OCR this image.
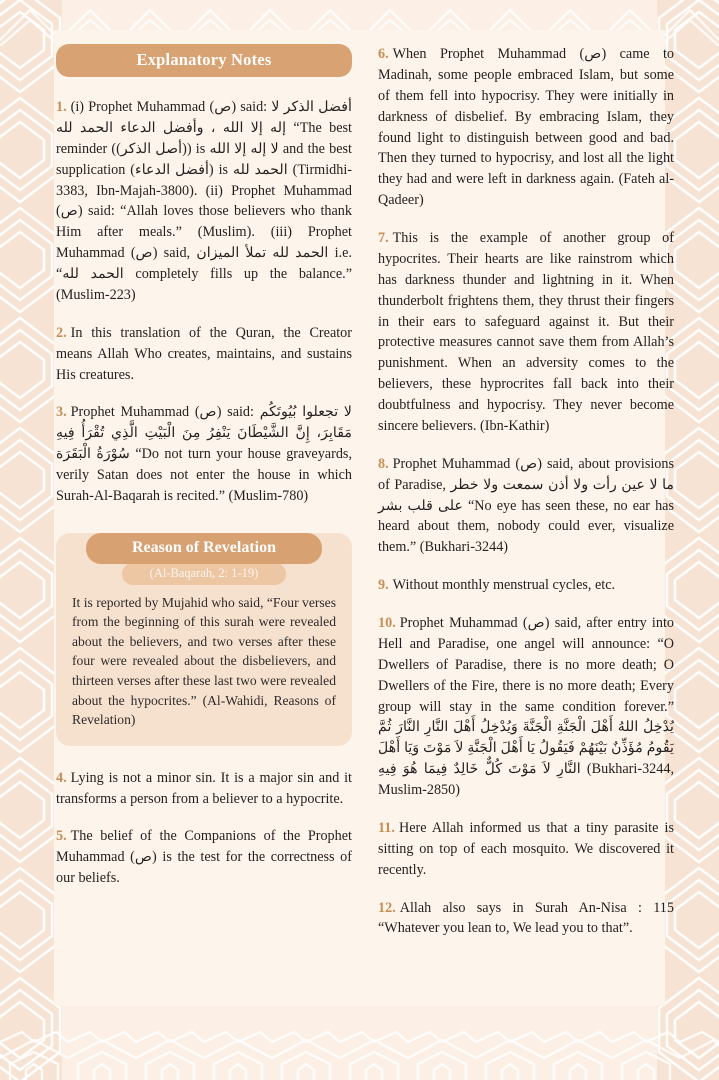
Explanatory Notes
1. (i) Prophet Muhammad (ص) said: أفضل الذكر لا إله إلا الله ، وأفضل الدعاء الحمد لله “The best reminder ((أصل الذكر)) is لا إله إلا الله and the best supplication (أفضل الدعاء) is الحمد لله (Tirmidhi-3383, Ibn-Majah-3800). (ii) Prophet Muhammad (ص) said: “Allah loves those believers who thank Him after meals.” (Muslim). (iii) Prophet Muhammad (ص) said, الحمد لله تملأ الميزان i.e. “الحمد لله completely fills up the balance.” (Muslim-223)
2. In this translation of the Quran, the Creator means Allah Who creates, maintains, and sustains His creatures.
3. Prophet Muhammad (ص) said: لا تجعلوا بُيُوتَكُم مَقَابِرَ، إِنَّ الشَّيْطَانَ يَنْفِرُ مِنَ الْبَيْتِ الَّذِي تُقْرَأُ فِيهِ سُوْرَةُ الْبَقَرَة “Do not turn your house graveyards, verily Satan does not enter the house in which Surah-Al-Baqarah is recited.” (Muslim-780)
Reason of Revelation
(Al-Baqarah, 2: 1-19)
It is reported by Mujahid who said, “Four verses from the beginning of this surah were revealed about the believers, and two verses after these four were revealed about the disbelievers, and thirteen verses after these last two were revealed about the hypocrites.” (Al-Wahidi, Reasons of Revelation)
4. Lying is not a minor sin. It is a major sin and it transforms a person from a believer to a hypocrite.
5. The belief of the Companions of the Prophet Muhammad (ص) is the test for the correctness of our beliefs.
6. When Prophet Muhammad (ص) came to Madinah, some people embraced Islam, but some of them fell into hypocrisy. They were initially in darkness of disbelief. By embracing Islam, they found light to distinguish between good and bad. Then they turned to hypocrisy, and lost all the light they had and were left in darkness again. (Fateh al-Qadeer)
7. This is the example of another group of hypocrites. Their hearts are like rainstrom which has darkness thunder and lightning in it. When thunderbolt frightens them, they thrust their fingers in their ears to safeguard against it. But their protective measures cannot save them from Allah’s punishment. When an adversity comes to the believers, these hyprocrites fall back into their doubtfulness and hypocrisy. They never become sincere believers. (Ibn-Kathir)
8. Prophet Muhammad (ص) said, about provisions of Paradise, ما لا عين رأت ولا أذن سمعت ولا خطر على قلب بشر “No eye has seen these, no ear has heard about them, nobody could ever, visualize them.” (Bukhari-3244)
9. Without monthly menstrual cycles, etc.
10. Prophet Muhammad (ص) said, after entry into Hell and Paradise, one angel will announce: “O Dwellers of Paradise, there is no more death; O Dwellers of the Fire, there is no more death; Every group will stay in the same condition forever.” يُدْخِلُ اللهُ أَهْلَ الْجَنَّةِ الْجَنَّةَ وَيُدْخِلُ أَهْلَ النَّارِ النَّارَ ثُمَّ يَقُومُ مُؤَذِّنٌ بَيْنَهُمْ فَيَقُولُ يَا أَهْلَ الْجَنَّةِ لاَ مَوْتَ وَيَا أَهْلَ النَّارِ لاَ مَوْتَ كُلٌّ خَالِدٌ فِيمَا هُوَ فِيهِ (Bukhari-3244, Muslim-2850)
11. Here Allah informed us that a tiny parasite is sitting on top of each mosquito. We discovered it recently.
12. Allah also says in Surah An-Nisa : 115 “Whatever you lean to, We lead you to that”.
